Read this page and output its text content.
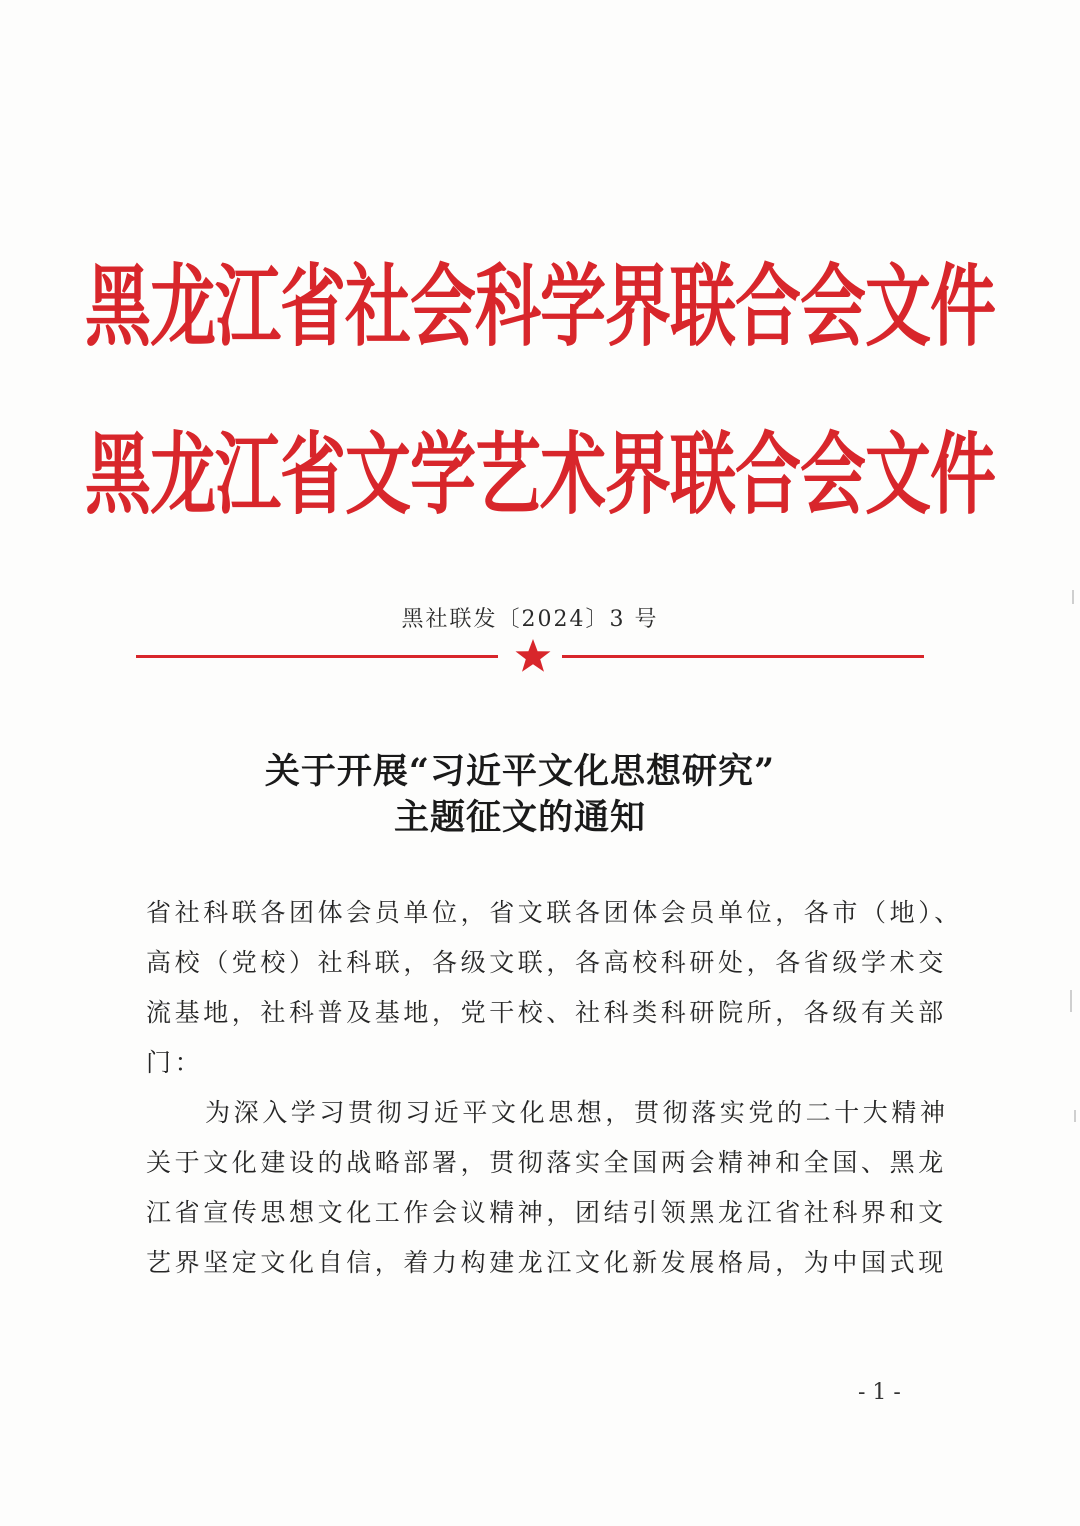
黑龙江省社会科学界联合会文件
黑龙江省文学艺术界联合会文件
黑社联发〔2024〕3 号
关于开展“习近平文化思想研究”
主题征文的通知
省社科联各团体会员单位，省文联各团体会员单位，各市（地）、
高校（党校）社科联，各级文联，各高校科研处，各省级学术交
流基地，社科普及基地，党干校、社科类科研院所，各级有关部
门：
为深入学习贯彻习近平文化思想，贯彻落实党的二十大精神
关于文化建设的战略部署，贯彻落实全国两会精神和全国、黑龙
江省宣传思想文化工作会议精神，团结引领黑龙江省社科界和文
艺界坚定文化自信，着力构建龙江文化新发展格局，为中国式现
- 1 -
